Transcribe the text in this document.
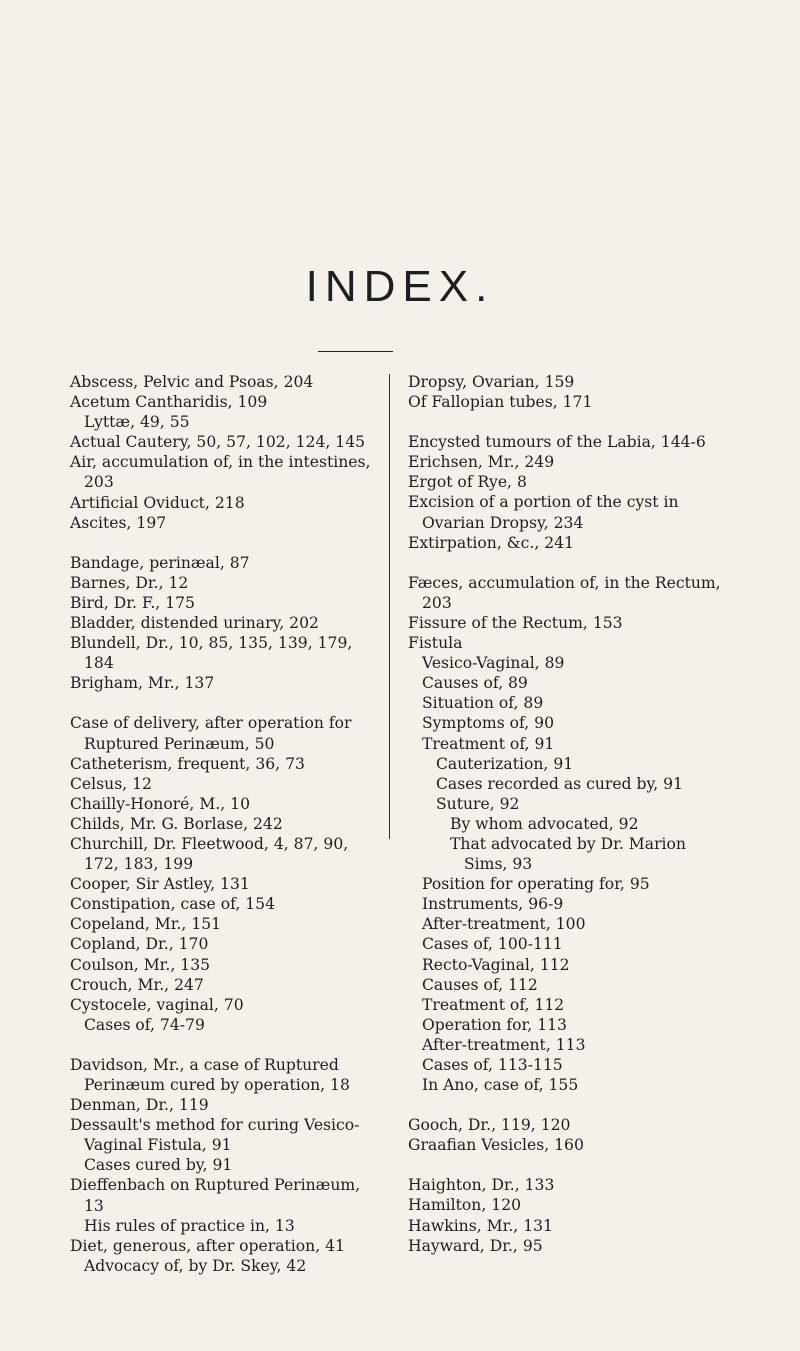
INDEX.

Abscess, Pelvic and Psoas, 204

Acetum Cantharidis, 109

Lyttæ, 49, 55

Actual Cautery, 50, 57, 102, 124, 145

Air, accumulation of, in the intestines, 203

Artificial Oviduct, 218

Ascites, 197

Bandage, perinæal, 87

Barnes, Dr., 12

Bird, Dr. F., 175

Bladder, distended urinary, 202

Blundell, Dr., 10, 85, 135, 139, 179, 184

Brigham, Mr., 137

Case of delivery, after operation for Ruptured Perinæum, 50

Catheterism, frequent, 36, 73

Celsus, 12

Chailly-Honoré, M., 10

Childs, Mr. G. Borlase, 242

Churchill, Dr. Fleetwood, 4, 87, 90, 172, 183, 199

Cooper, Sir Astley, 131

Constipation, case of, 154

Copeland, Mr., 151

Copland, Dr., 170

Coulson, Mr., 135

Crouch, Mr., 247

Cystocele, vaginal, 70

Cases of, 74-79

Davidson, Mr., a case of Ruptured Perinæum cured by operation, 18

Denman, Dr., 119

Dessault's method for curing Vesico-Vaginal Fistula, 91

Cases cured by, 91

Dieffenbach on Ruptured Perinæum, 13

His rules of practice in, 13

Diet, generous, after operation, 41

Advocacy of, by Dr. Skey, 42

Dropsy, Ovarian, 159

Of Fallopian tubes, 171

Encysted tumours of the Labia, 144-6

Erichsen, Mr., 249

Ergot of Rye, 8

Excision of a portion of the cyst in Ovarian Dropsy, 234

Extirpation, &c., 241

Fæces, accumulation of, in the Rectum, 203

Fissure of the Rectum, 153

Fistula

Vesico-Vaginal, 89

Causes of, 89

Situation of, 89

Symptoms of, 90

Treatment of, 91

Cauterization, 91

Cases recorded as cured by, 91

Suture, 92

By whom advocated, 92

That advocated by Dr. Marion Sims, 93

Position for operating for, 95

Instruments, 96-9

After-treatment, 100

Cases of, 100-111

Recto-Vaginal, 112

Causes of, 112

Treatment of, 112

Operation for, 113

After-treatment, 113

Cases of, 113-115

In Ano, case of, 155

Gooch, Dr., 119, 120

Graafian Vesicles, 160

Haighton, Dr., 133

Hamilton, 120

Hawkins, Mr., 131

Hayward, Dr., 95
